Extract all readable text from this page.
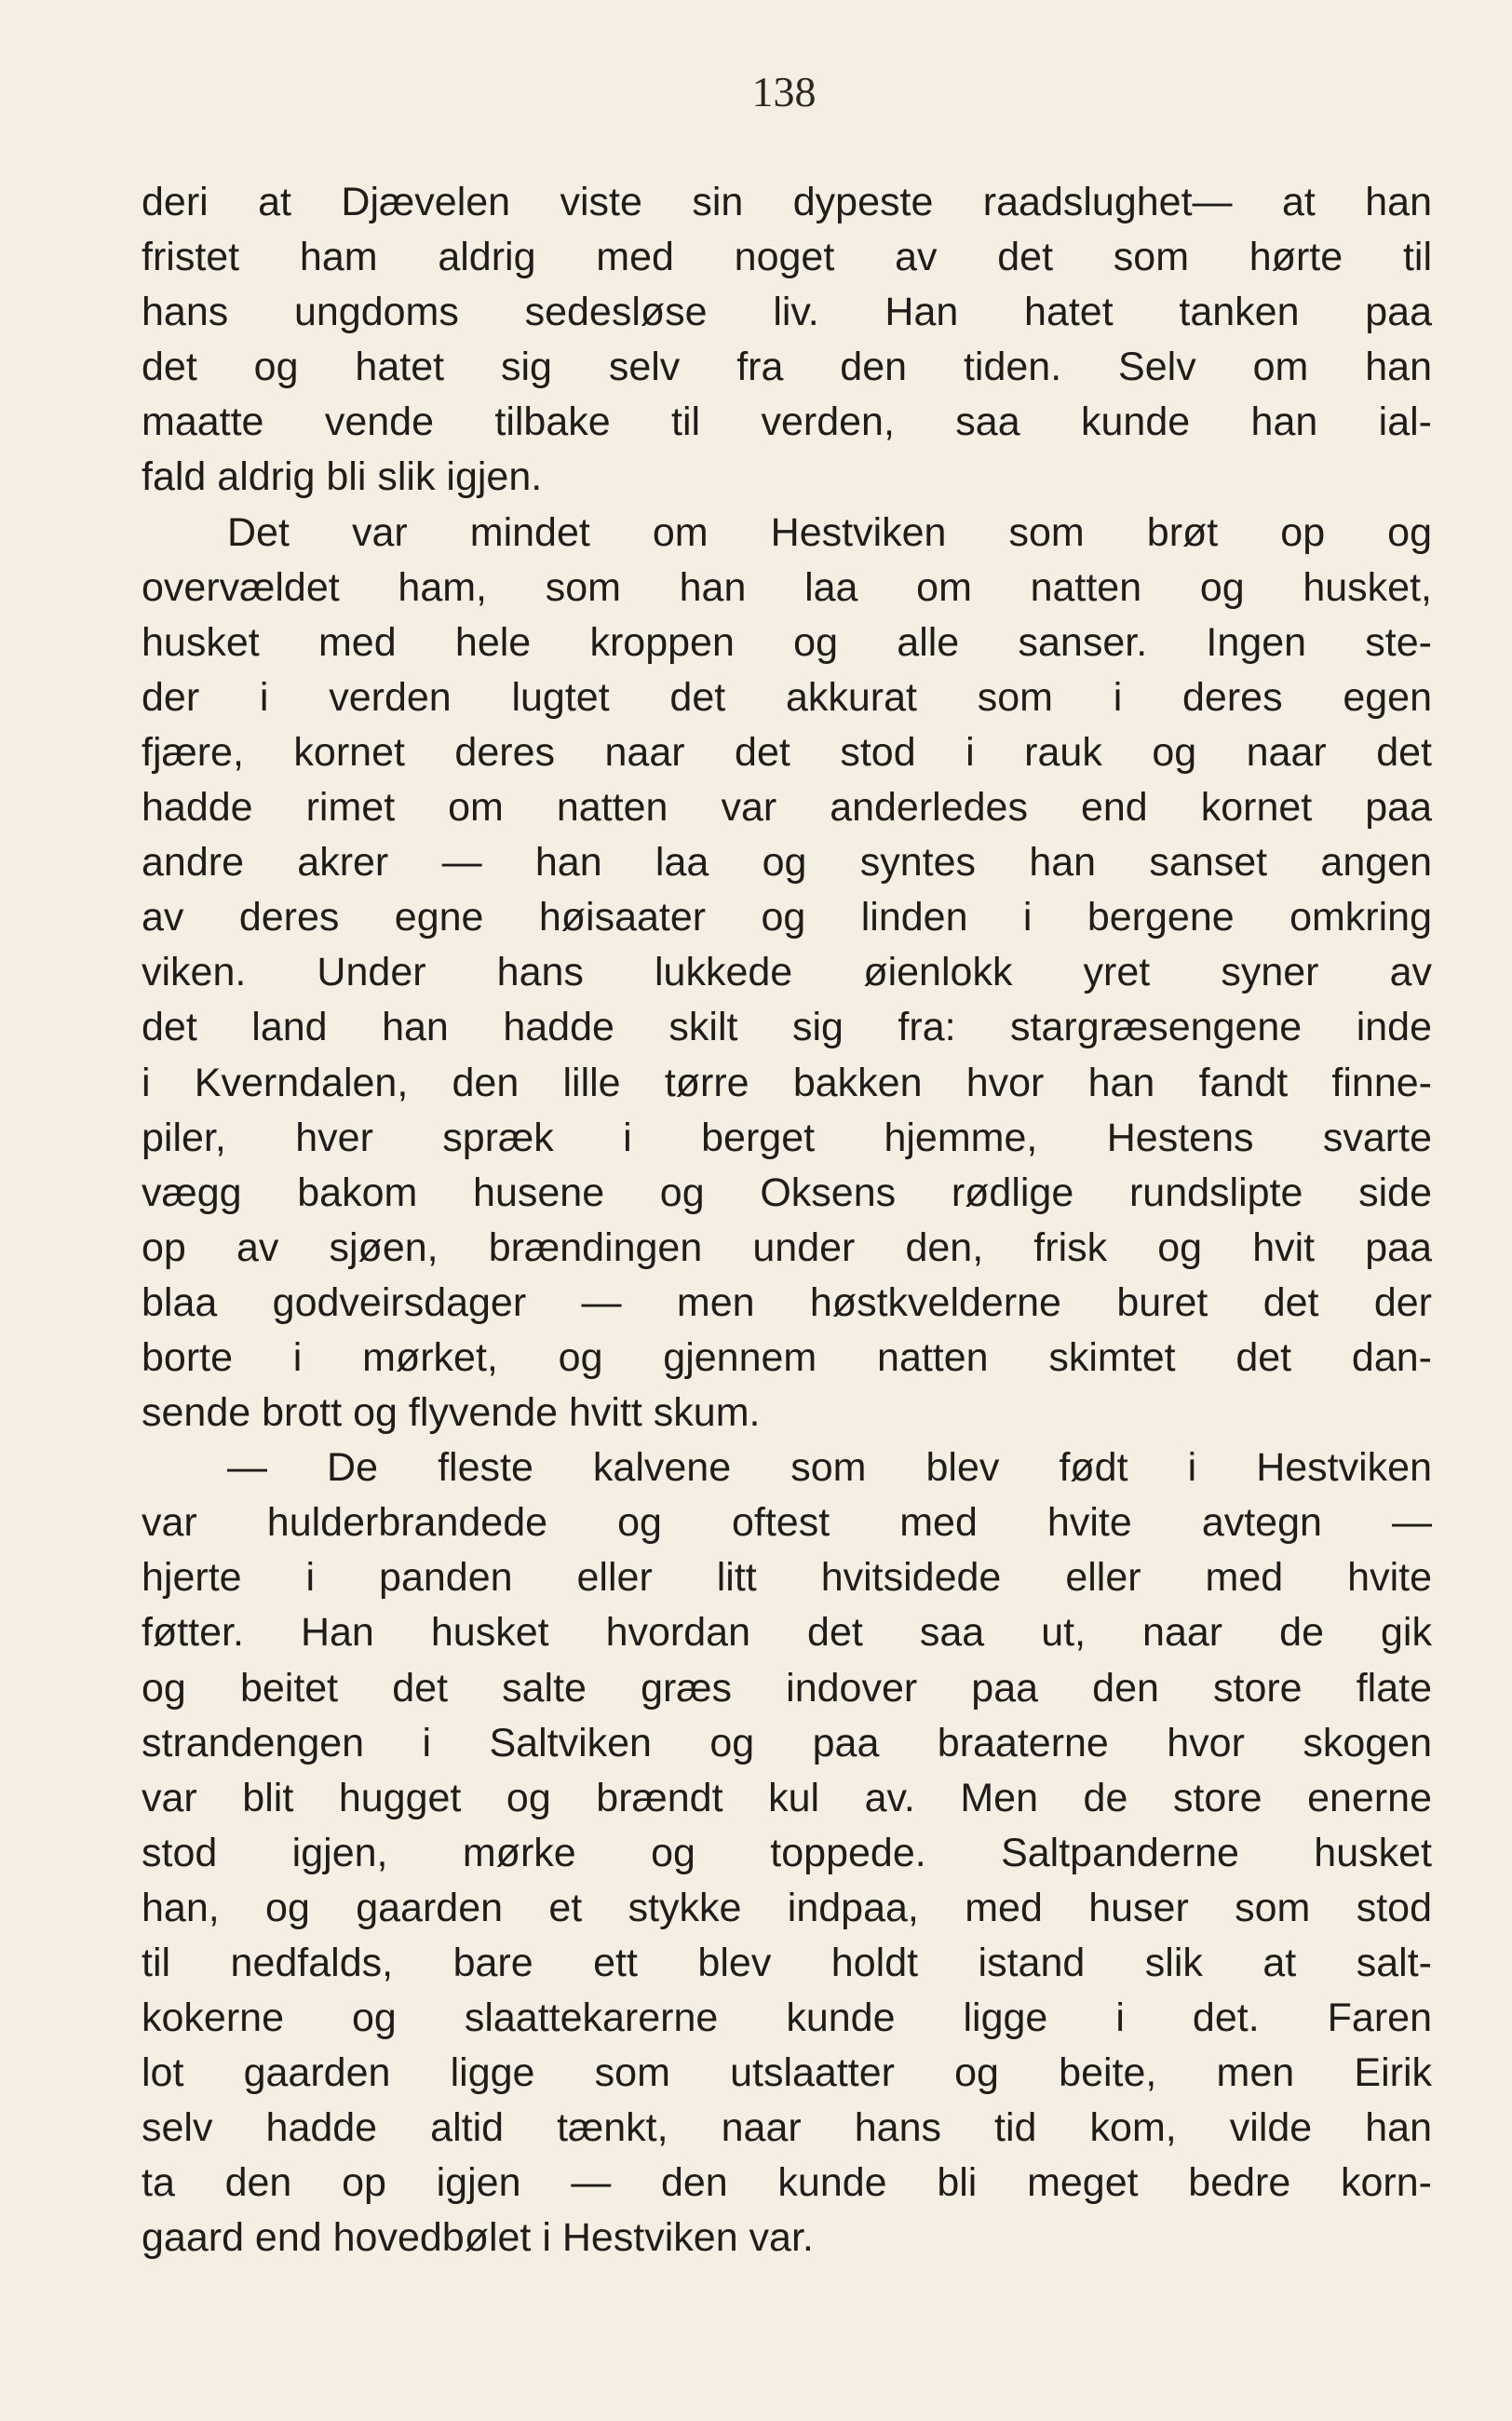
138
deri at Djævelen viste sin dypeste raadslughet— at han
fristet ham aldrig med noget av det som hørte til
hans ungdoms sedesløse liv. Han hatet tanken paa
det og hatet sig selv fra den tiden. Selv om han
maatte vende tilbake til verden, saa kunde han ial-
fald aldrig bli slik igjen.
Det var mindet om Hestviken som brøt op og
overvældet ham, som han laa om natten og husket,
husket med hele kroppen og alle sanser. Ingen ste-
der i verden lugtet det akkurat som i deres egen
fjære, kornet deres naar det stod i rauk og naar det
hadde rimet om natten var anderledes end kornet paa
andre akrer — han laa og syntes han sanset angen
av deres egne høisaater og linden i bergene omkring
viken. Under hans lukkede øienlokk yret syner av
det land han hadde skilt sig fra: stargræsengene inde
i Kverndalen, den lille tørre bakken hvor han fandt finne-
piler, hver spræk i berget hjemme, Hestens svarte
vægg bakom husene og Oksens rødlige rundslipte side
op av sjøen, brændingen under den, frisk og hvit paa
blaa godveirsdager — men høstkvelderne buret det der
borte i mørket, og gjennem natten skimtet det dan-
sende brott og flyvende hvitt skum.
— De fleste kalvene som blev født i Hestviken
var hulderbrandede og oftest med hvite avtegn —
hjerte i panden eller litt hvitsidede eller med hvite
føtter. Han husket hvordan det saa ut, naar de gik
og beitet det salte græs indover paa den store flate
strandengen i Saltviken og paa braaterne hvor skogen
var blit hugget og brændt kul av. Men de store enerne
stod igjen, mørke og toppede. Saltpanderne husket
han, og gaarden et stykke indpaa, med huser som stod
til nedfalds, bare ett blev holdt istand slik at salt-
kokerne og slaattekarerne kunde ligge i det. Faren
lot gaarden ligge som utslaatter og beite, men Eirik
selv hadde altid tænkt, naar hans tid kom, vilde han
ta den op igjen — den kunde bli meget bedre korn-
gaard end hovedbølet i Hestviken var.
